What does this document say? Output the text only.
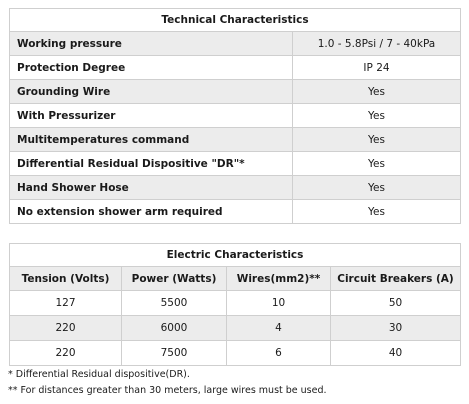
Technical Characteristics	
Working pressure	1.0 - 5.8Psi / 7 - 40kPa
Protection Degree	IP 24
Grounding Wire	Yes
With Pressurizer	Yes
Multitemperatures command	Yes
Differential Residual Dispositive "DR"*	Yes
Hand Shower Hose	Yes
No extension shower arm required	Yes
Electric Characteristics			
Tension (Volts)	Power (Watts)	Wires(mm2)**	Circuit Breakers (A)
127	5500	10	50
220	6000	4	30
220	7500	6	40
* Differential Residual dispositive(DR).
** For distances greater than 30 meters, large wires must be used.
